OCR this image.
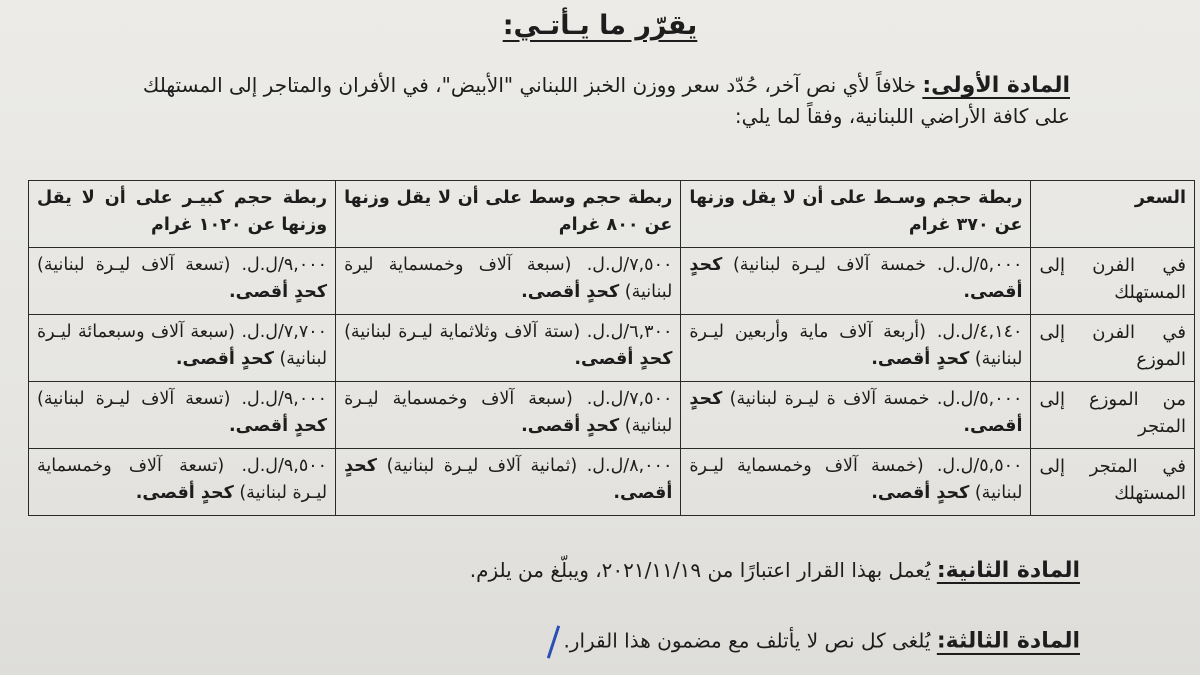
يقرّر ما يـأتـي:
المادة الأولى: خلافاً لأي نص آخر، حُدّد سعر ووزن الخبز اللبناني "الأبيض"، في الأفران والمتاجر إلى المستهلك على كافة الأراضي اللبنانية، وفقاً لما يلي:
السعر	ربطة حجم وسـط على أن لا يقل وزنها عن ٣٧٠ غرام	ربطة حجم وسط على أن لا يقل وزنها عن ٨٠٠ غرام	ربطة حجم كبيـر على أن لا يقل وزنها عن ١٠٢٠ غرام
في الفرن إلى المستهلك	٥,٠٠٠/ل.ل. خمسة آلاف ليـرة لبنانية) كحدٍ أقصى.	٧,٥٠٠/ل.ل. (سبعة آلاف وخمسماية ليرة لبنانية) كحدٍ أقصى.	٩,٠٠٠/ل.ل. (تسعة آلاف ليـرة لبنانية) كحدٍ أقصى.
في الفرن إلى الموزع	٤,١٤٠/ل.ل. (أربعة آلاف ماية وأربعين ليـرة لبنانية) كحدٍ أقصى.	٦,٣٠٠/ل.ل. (ستة آلاف وثلاثماية ليـرة لبنانية) كحدٍ أقصى.	٧,٧٠٠/ل.ل. (سبعة آلاف وسبعمائة ليـرة لبنانية) كحدٍ أقصى.
من الموزع إلى المتجر	٥,٠٠٠/ل.ل. خمسة آلاف ة ليـرة لبنانية) كحدٍ أقصى.	٧,٥٠٠/ل.ل. (سبعة آلاف وخمسماية ليـرة لبنانية) كحدٍ أقصى.	٩,٠٠٠/ل.ل. (تسعة آلاف ليـرة لبنانية) كحدٍ أقصى.
في المتجر إلى المستهلك	٥,٥٠٠/ل.ل. (خمسة آلاف وخمسماية ليـرة لبنانية) كحدٍ أقصى.	٨,٠٠٠/ل.ل. (ثمانية آلاف ليـرة لبنانية) كحدٍ أقصى.	٩,٥٠٠/ل.ل. (تسعة آلاف وخمسماية ليـرة لبنانية) كحدٍ أقصى.
المادة الثانية: يُعمل بهذا القرار اعتبارًا من ٢٠٢١/١١/١٩، ويبلّغ من يلزم.
المادة الثالثة: يُلغى كل نص لا يأتلف مع مضمون هذا القرار.
